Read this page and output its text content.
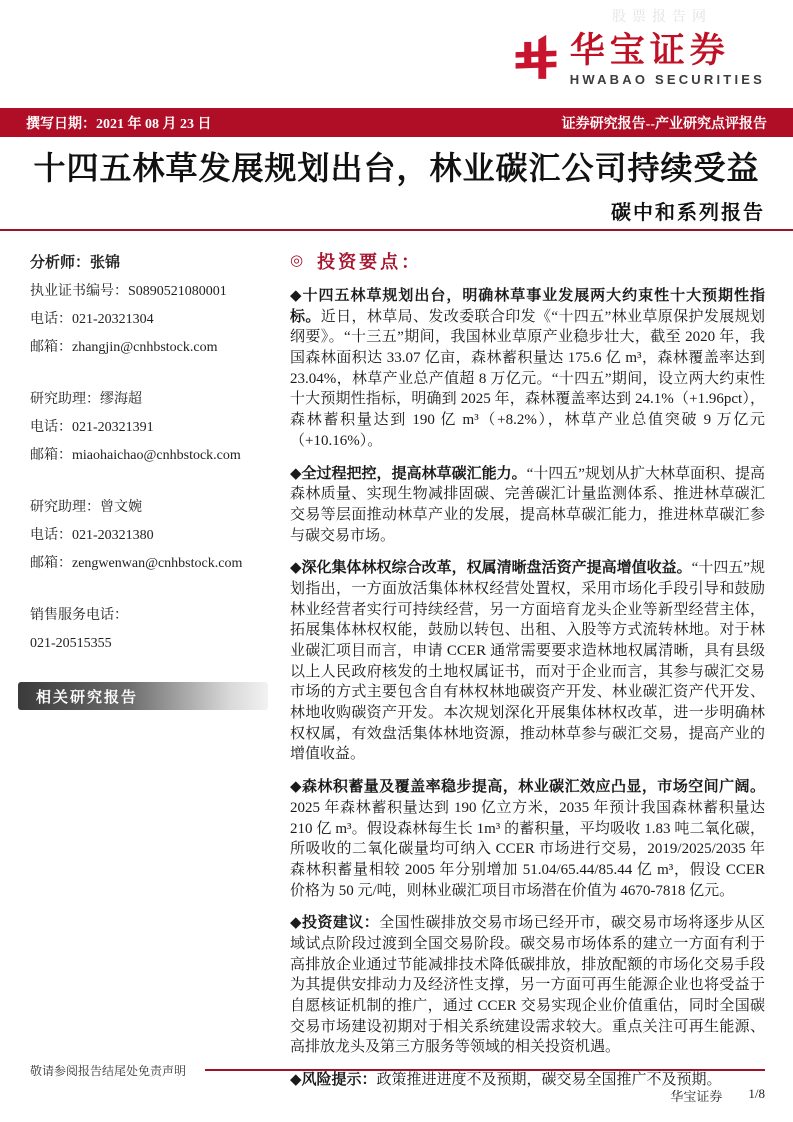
股票报告网
华宝证券
HWABAO SECURITIES
撰写日期：2021 年 08 月 23 日	证券研究报告--产业研究点评报告
十四五林草发展规划出台，林业碳汇公司持续受益
碳中和系列报告
分析师：张锦
执业证书编号：S0890521080001
电话：021-20321304
邮箱：zhangjin@cnhbstock.com
研究助理：缪海超
电话：021-20321391
邮箱：miaohaichao@cnhbstock.com
研究助理：曾文婉
电话：021-20321380
邮箱：zengwenwan@cnhbstock.com
销售服务电话：
021-20515355
相关研究报告
◎ 投资要点：
◆十四五林草规划出台，明确林草事业发展两大约束性十大预期性指标。近日，林草局、发改委联合印发《“十四五”林业草原保护发展规划纲要》。“十三五”期间，我国林业草原产业稳步壮大，截至 2020 年，我国森林面积达 33.07 亿亩，森林蓄积量达 175.6 亿 m³，森林覆盖率达到 23.04%，林草产业总产值超 8 万亿元。“十四五”期间，设立两大约束性十大预期性指标，明确到 2025 年，森林覆盖率达到 24.1%（+1.96pct），森林蓄积量达到 190 亿 m³（+8.2%），林草产业总值突破 9 万亿元（+10.16%）。
◆全过程把控，提高林草碳汇能力。“十四五”规划从扩大林草面积、提高森林质量、实现生物减排固碳、完善碳汇计量监测体系、推进林草碳汇交易等层面推动林草产业的发展，提高林草碳汇能力，推进林草碳汇参与碳交易市场。
◆深化集体林权综合改革，权属清晰盘活资产提高增值收益。“十四五”规划指出，一方面放活集体林权经营处置权，采用市场化手段引导和鼓励林业经营者实行可持续经营，另一方面培育龙头企业等新型经营主体，拓展集体林权权能，鼓励以转包、出租、入股等方式流转林地。对于林业碳汇项目而言，申请 CCER 通常需要要求造林地权属清晰，具有县级以上人民政府核发的土地权属证书，而对于企业而言，其参与碳汇交易市场的方式主要包含自有林权林地碳资产开发、林业碳汇资产代开发、林地收购碳资产开发。本次规划深化开展集体林权改革，进一步明确林权权属，有效盘活集体林地资源，推动林草参与碳汇交易，提高产业的增值收益。
◆森林积蓄量及覆盖率稳步提高，林业碳汇效应凸显，市场空间广阔。2025 年森林蓄积量达到 190 亿立方米，2035 年预计我国森林蓄积量达 210 亿 m³。假设森林每生长 1m³ 的蓄积量，平均吸收 1.83 吨二氧化碳，所吸收的二氧化碳量均可纳入 CCER 市场进行交易，2019/2025/2035 年森林积蓄量相较 2005 年分别增加 51.04/65.44/85.44 亿 m³，假设 CCER 价格为 50 元/吨，则林业碳汇项目市场潜在价值为 4670-7818 亿元。
◆投资建议：全国性碳排放交易市场已经开市，碳交易市场将逐步从区域试点阶段过渡到全国交易阶段。碳交易市场体系的建立一方面有利于高排放企业通过节能减排技术降低碳排放，排放配额的市场化交易手段为其提供安排动力及经济性支撑，另一方面可再生能源企业也将受益于自愿核证机制的推广，通过 CCER 交易实现企业价值重估，同时全国碳交易市场建设初期对于相关系统建设需求较大。重点关注可再生能源、高排放龙头及第三方服务等领域的相关投资机遇。
◆风险提示：政策推进进度不及预期，碳交易全国推广不及预期。
敬请参阅报告结尾处免责声明
华宝证券 1/8
